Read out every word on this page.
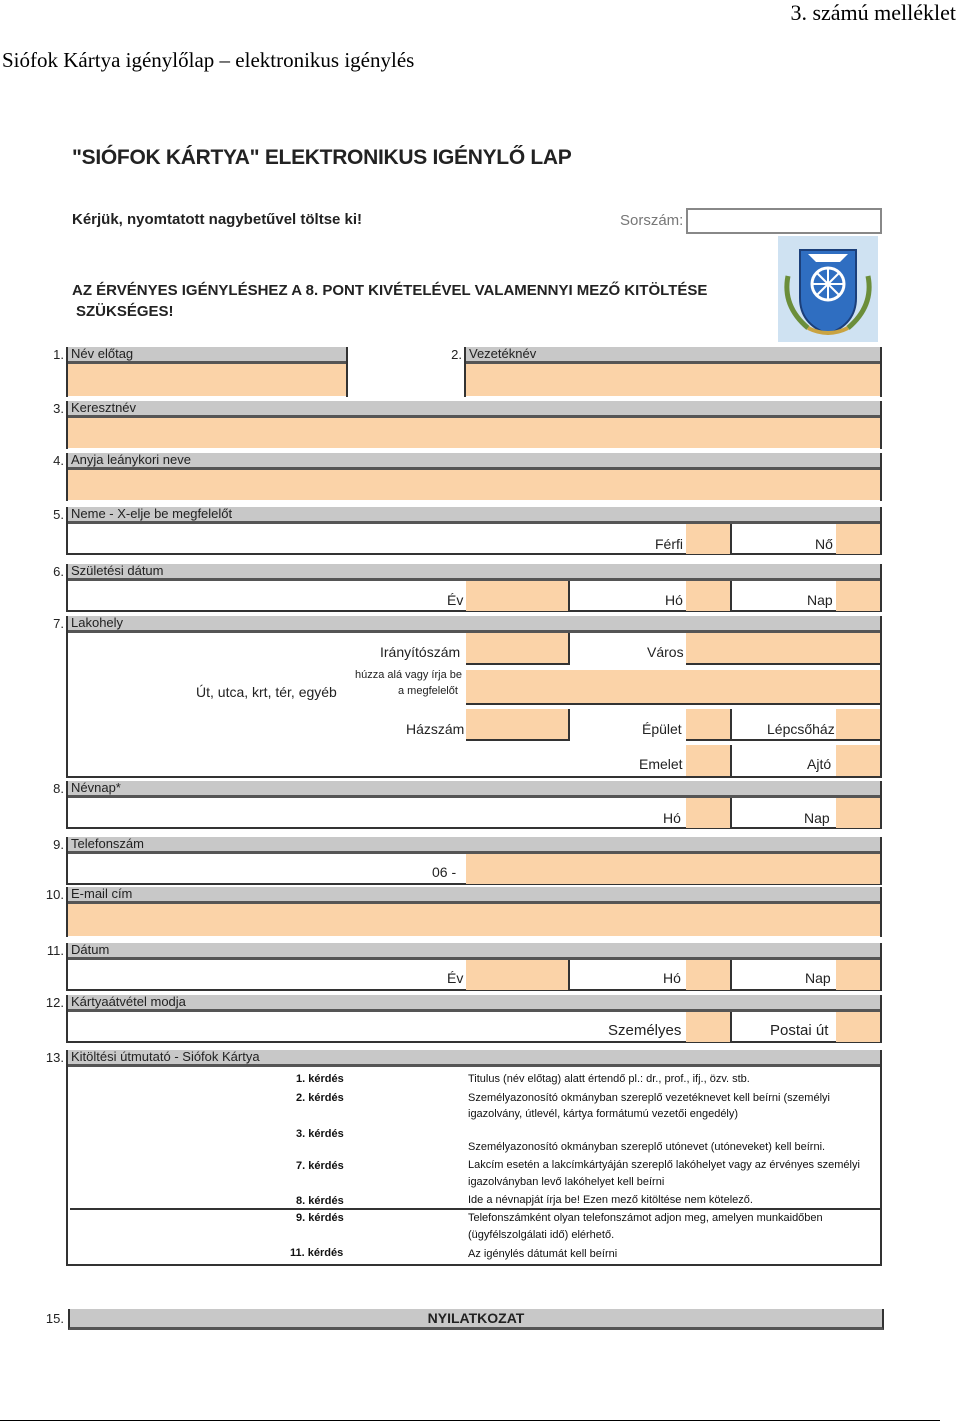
3. számú melléklet
Siófok Kártya igénylőlap – elektronikus igénylés
"SIÓFOK KÁRTYA" ELEKTRONIKUS IGÉNYLŐ LAP
Kérjük, nyomtatott nagybetűvel töltse ki!	Sorszám:
AZ ÉRVÉNYES IGÉNYLÉSHEZ A 8. PONT KIVÉTELÉVEL VALAMENNYI MEZŐ KITÖLTÉSE
SZÜKSÉGES!
1. Név előtag	2. Vezetéknév
3. Keresztnév
4. Anyja leánykori neve
5. Neme - X-elje be megfelelőt
Férfi	Nő
6. Születési dátum
Év	Hó	Nap
7. Lakohely
Irányítószám	Város
Út, utca, krt, tér, egyéb
húzza alá vagy írja be
a megfelelőt
Házszám	Épület	Lépcsőház
Emelet	Ajtó
8. Névnap*
Hó	Nap
9. Telefonszám
06 -
10. E-mail cím
11. Dátum
Év	Hó	Nap
12. Kártyaátvétel modja
Személyes	Postai út
13. Kitöltési útmutató - Siófok Kártya
1. kérdés	Titulus (név előtag) alatt értendő pl.: dr., prof., ifj., özv. stb.
2. kérdés	Személyazonosító okmányban szereplő vezetéknevet kell beírni (személyi
igazolvány, útlevél, kártya formátumú vezetői engedély)
3. kérdés
Személyazonosító okmányban szereplő utónevet (utóneveket) kell beírni.
7. kérdés	Lakcím esetén a lakcímkártyáján szereplő lakóhelyet vagy az érvényes személyi
igazolványban levő lakóhelyet kell beírni
8. kérdés	Ide a névnapját írja be! Ezen mező kitöltése nem kötelező.
9. kérdés	Telefonszámként olyan telefonszámot adjon meg, amelyen munkaidőben
(ügyfélszolgálati idő) elérhető.
11. kérdés	Az igénylés dátumát kell beírni
15.	NYILATKOZAT
